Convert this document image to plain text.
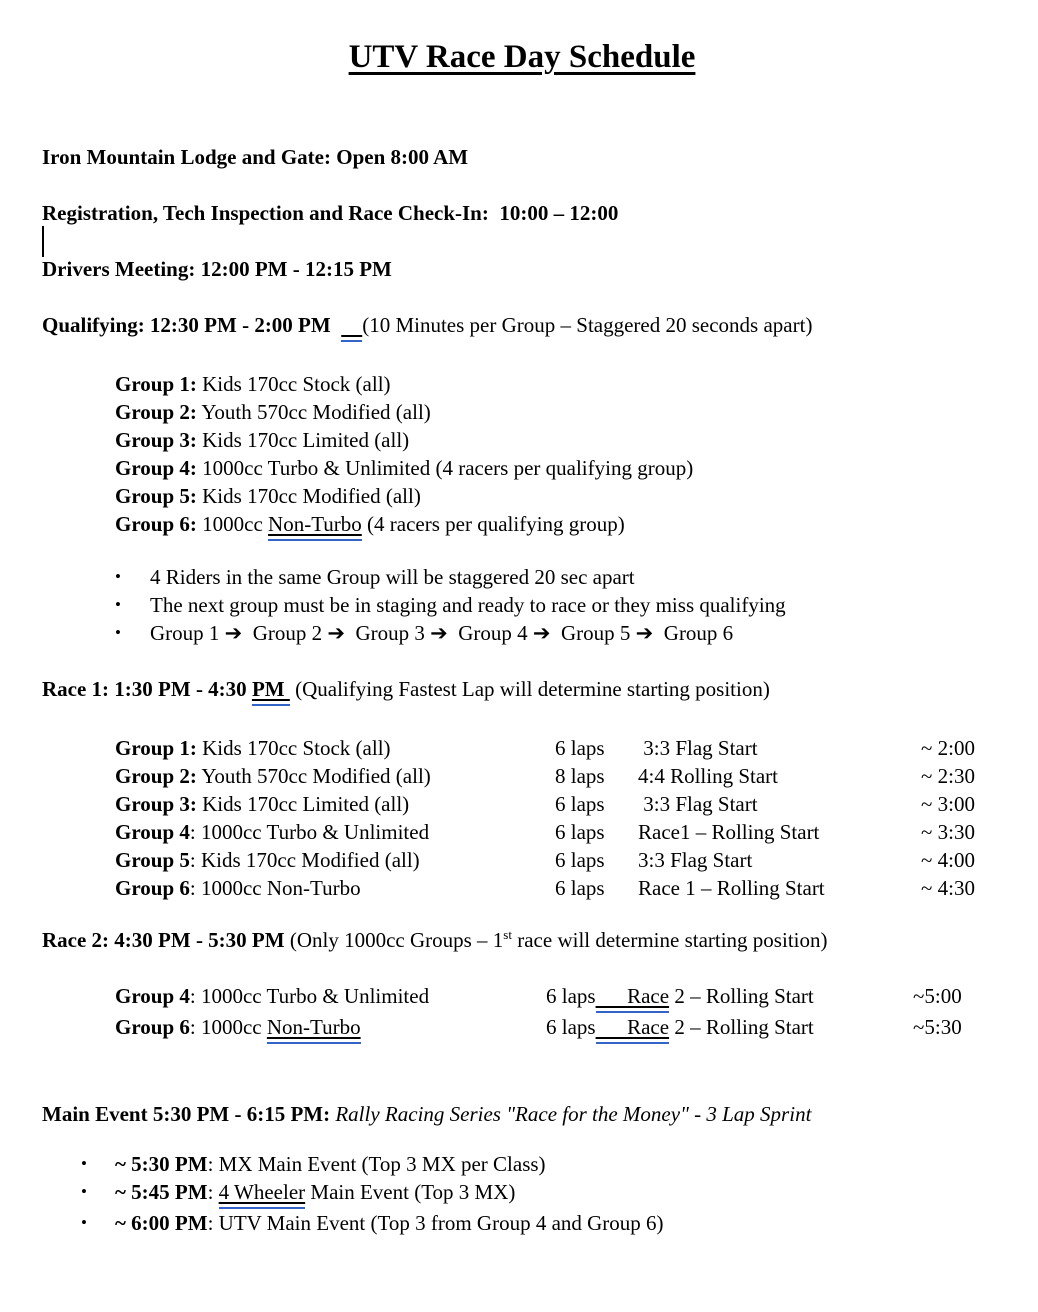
UTV Race Day Schedule
Iron Mountain Lodge and Gate: Open 8:00 AM
Registration, Tech Inspection and Race Check-In:  10:00 – 12:00
Drivers Meeting: 12:00 PM - 12:15 PM
Qualifying: 12:30 PM - 2:00 PM (10 Minutes per Group – Staggered 20 seconds apart)
Group 1: Kids 170cc Stock (all)
Group 2: Youth 570cc Modified (all)
Group 3: Kids 170cc Limited (all)
Group 4: 1000cc Turbo & Unlimited (4 racers per qualifying group)
Group 5: Kids 170cc Modified (all)
Group 6: 1000cc Non-Turbo (4 racers per qualifying group)
•	4 Riders in the same Group will be staggered 20 sec apart
•	The next group must be in staging and ready to race or they miss qualifying
•	Group 1 ➔  Group 2 ➔  Group 3 ➔  Group 4 ➔  Group 5 ➔  Group 6
Race 1: 1:30 PM - 4:30 PM  (Qualifying Fastest Lap will determine starting position)
Group 1: Kids 170cc Stock (all)	6 laps	3:3 Flag Start	~ 2:00
Group 2: Youth 570cc Modified (all)	8 laps	4:4 Rolling Start	~ 2:30
Group 3: Kids 170cc Limited (all)	6 laps	3:3 Flag Start	~ 3:00
Group 4: 1000cc Turbo & Unlimited	6 laps	Race1 – Rolling Start	~ 3:30
Group 5: Kids 170cc Modified (all)	6 laps	3:3 Flag Start	~ 4:00
Group 6: 1000cc Non-Turbo	6 laps	Race 1 – Rolling Start	~ 4:30
Race 2: 4:30 PM - 5:30 PM (Only 1000cc Groups – 1st race will determine starting position)
Group 4: 1000cc Turbo & Unlimited	6 laps      Race 2 – Rolling Start	~5:00
Group 6: 1000cc Non-Turbo	6 laps      Race 2 – Rolling Start	~5:30
Main Event 5:30 PM - 6:15 PM: Rally Racing Series "Race for the Money" - 3 Lap Sprint
•	~ 5:30 PM: MX Main Event (Top 3 MX per Class)
•	~ 5:45 PM: 4 Wheeler Main Event (Top 3 MX)
•	~ 6:00 PM: UTV Main Event (Top 3 from Group 4 and Group 6)
